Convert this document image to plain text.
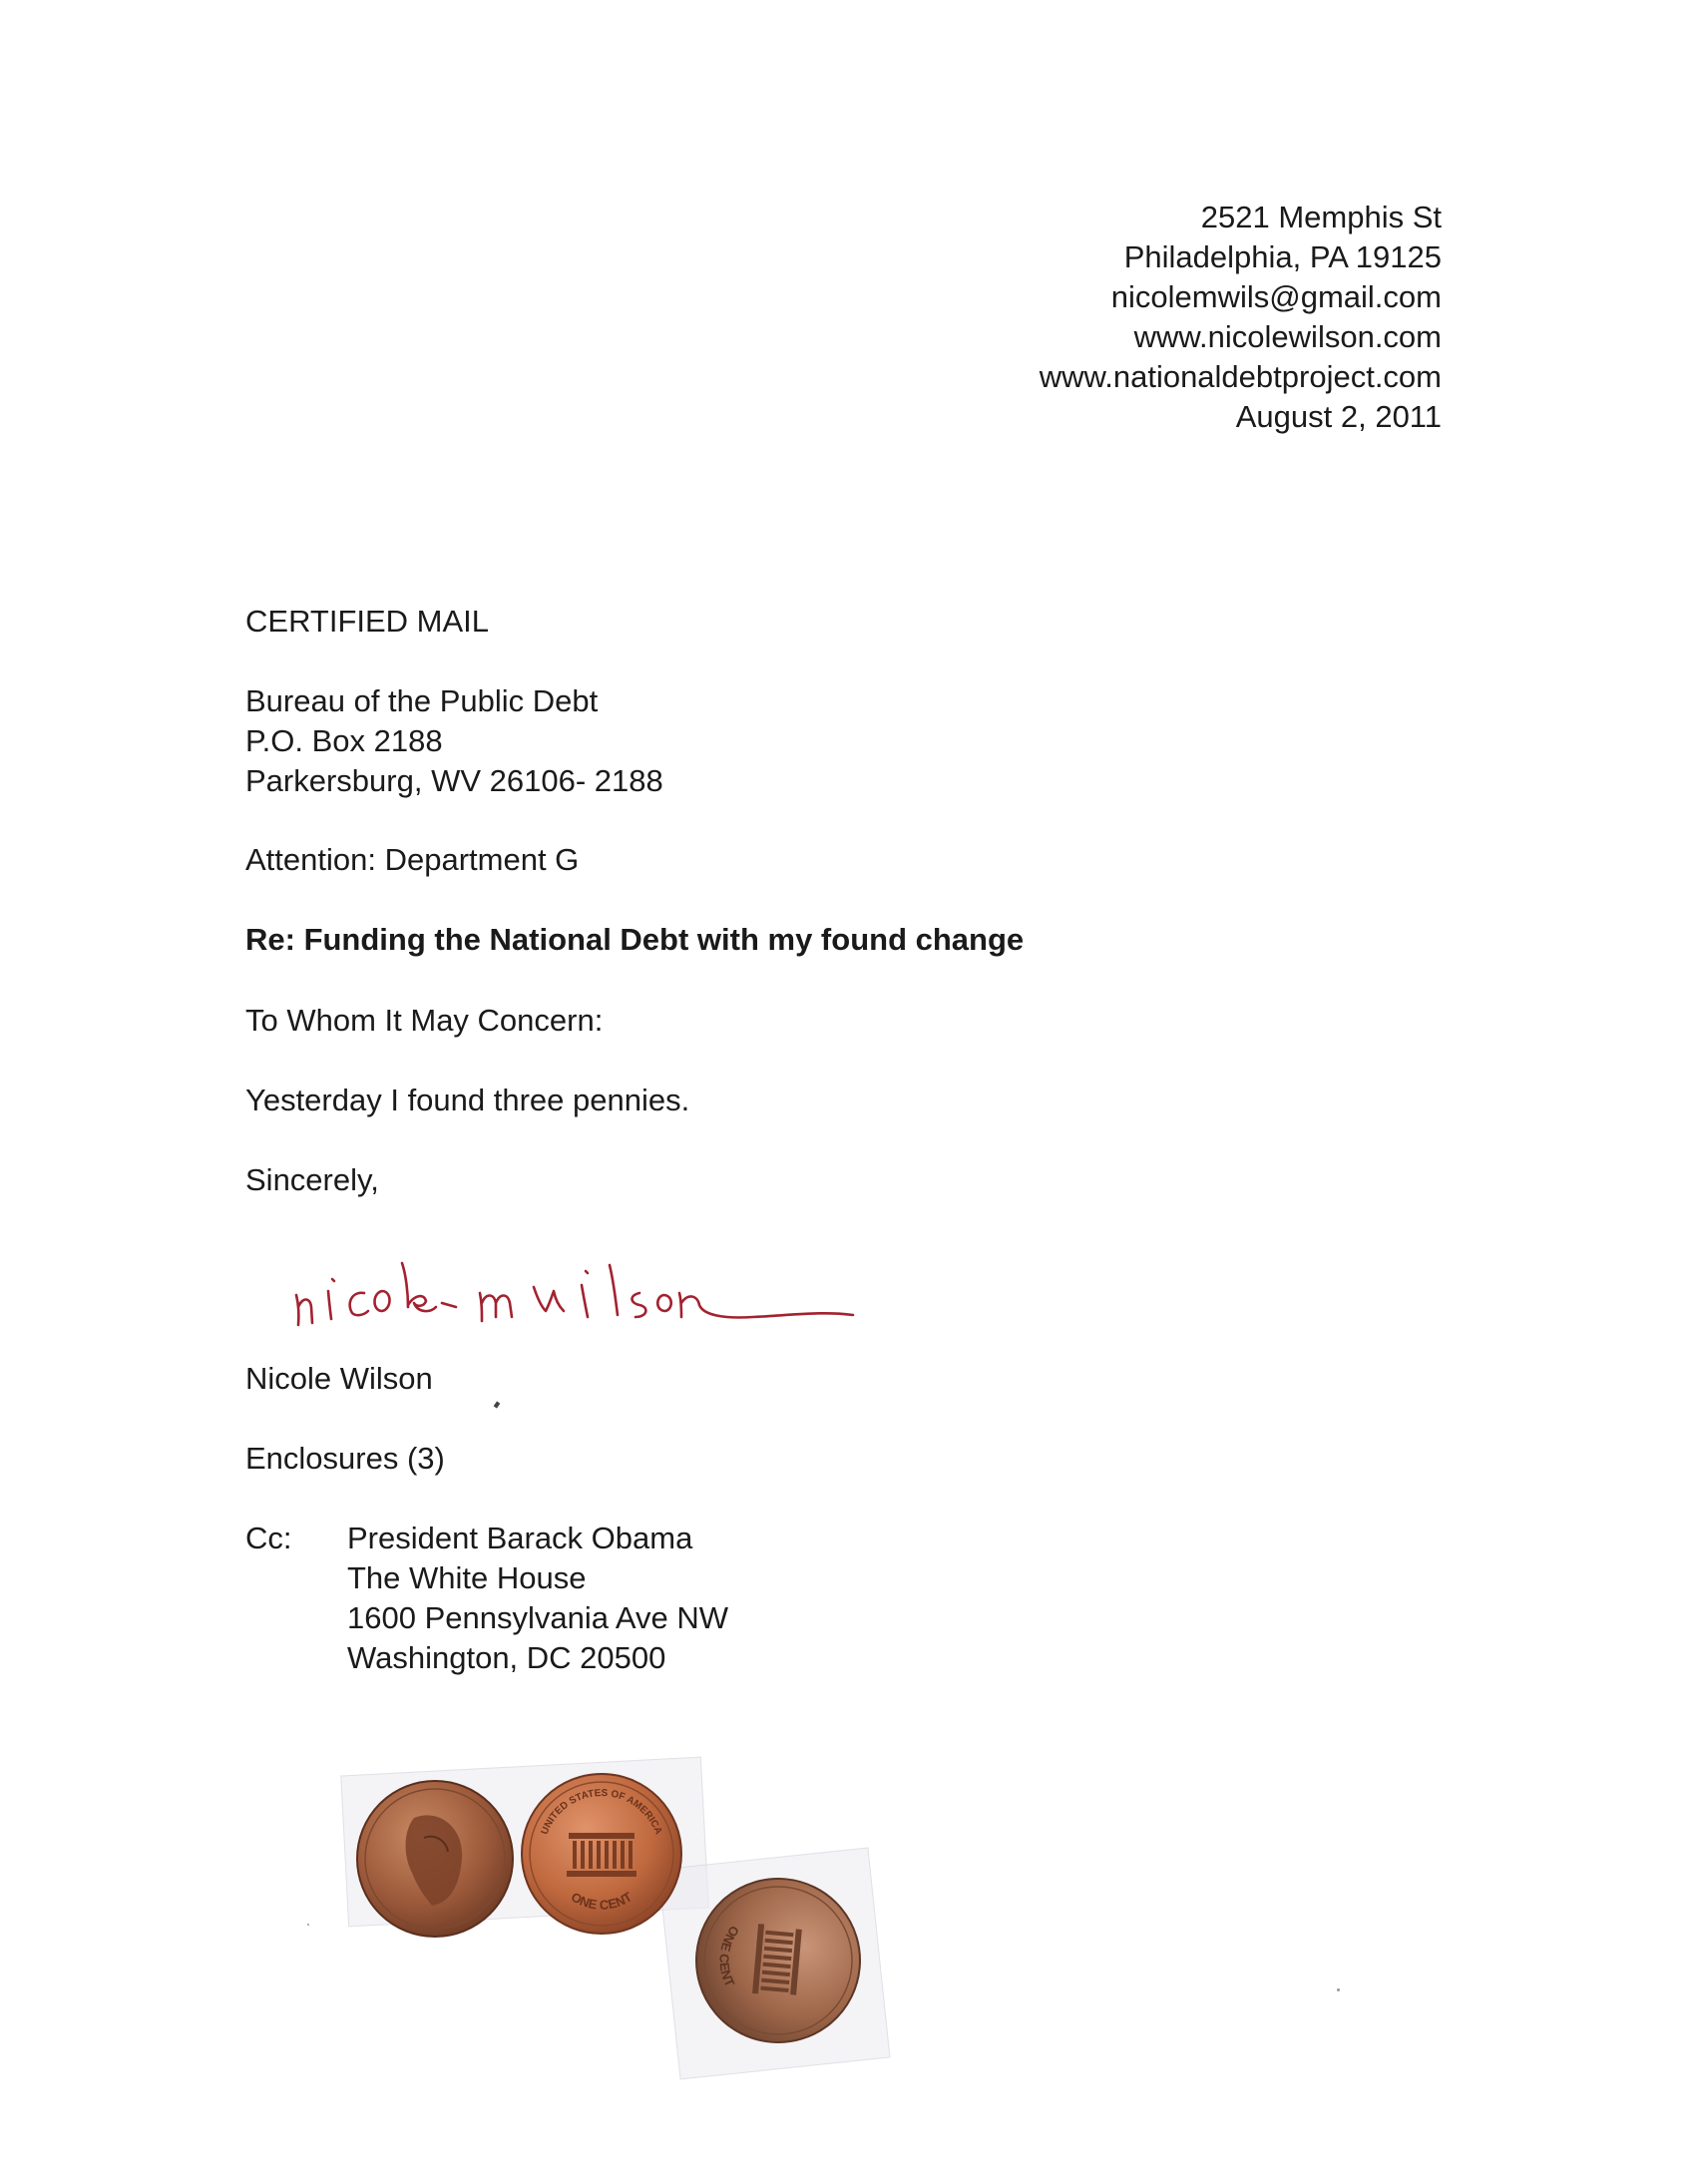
2521 Memphis St
Philadelphia, PA 19125
nicolemwils@gmail.com
www.nicolewilson.com
www.nationaldebtproject.com
August 2, 2011
CERTIFIED MAIL
Bureau of the Public Debt
P.O. Box 2188
Parkersburg, WV 26106- 2188
Attention: Department G
Re: Funding the National Debt with my found change
To Whom It May Concern:
Yesterday I found three pennies.
Sincerely,
Nicole Wilson
Enclosures (3)
Cc: President Barack Obama
The White House
1600 Pennsylvania Ave NW
Washington, DC 20500
UNITED STATES OF AMERICA
ONE CENT
ONE CENT
